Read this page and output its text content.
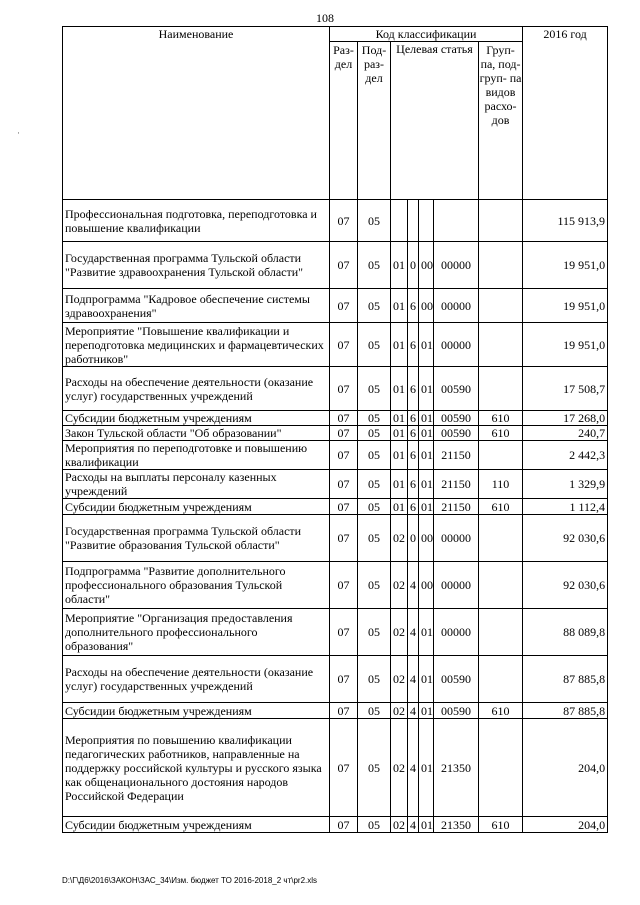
108
·
Наименование	Код классификации							2016 год
	Раз- дел	Под- раз- дел	Целевая статья				Груп- па, под- груп- па видов расхо- дов	
Профессиональная подготовка, переподготовка и повышение квалификации	07	05						115 913,9
Государственная программа Тульской области "Развитие здравоохранения Тульской области"	07	05	01	0	00	00000		19 951,0
Подпрограмма "Кадровое обеспечение системы здравоохранения"	07	05	01	6	00	00000		19 951,0
Мероприятие "Повышение квалификации и переподготовка медицинских и фармацевтических работников"	07	05	01	6	01	00000		19 951,0
Расходы на обеспечение деятельности (оказание услуг) государственных учреждений	07	05	01	6	01	00590		17 508,7
Субсидии бюджетным учреждениям	07	05	01	6	01	00590	610	17 268,0
Закон Тульской области "Об образовании"	07	05	01	6	01	00590	610	240,7
Мероприятия по переподготовке и повышению квалификации	07	05	01	6	01	21150		2 442,3
Расходы на выплаты персоналу казенных учреждений	07	05	01	6	01	21150	110	1 329,9
Субсидии бюджетным учреждениям	07	05	01	6	01	21150	610	1 112,4
Государственная программа Тульской области "Развитие образования Тульской области"	07	05	02	0	00	00000		92 030,6
Подпрограмма "Развитие дополнительного профессионального образования Тульской области"	07	05	02	4	00	00000		92 030,6
Мероприятие "Организация предоставления дополнительного профессионального образования"	07	05	02	4	01	00000		88 089,8
Расходы на обеспечение деятельности (оказание услуг) государственных учреждений	07	05	02	4	01	00590		87 885,8
Субсидии бюджетным учреждениям	07	05	02	4	01	00590	610	87 885,8
Мероприятия по повышению квалификации педагогических работников, направленные на поддержку российской культуры и русского языка как общенационального достояния народов Российской Федерации	07	05	02	4	01	21350		204,0
Субсидии бюджетным учреждениям	07	05	02	4	01	21350	610	204,0
D:\Г\Д6\2016\ЗАКОН\ЗАС_34\Изм. бюджет ТО 2016-2018_2 чт\pr2.xls
